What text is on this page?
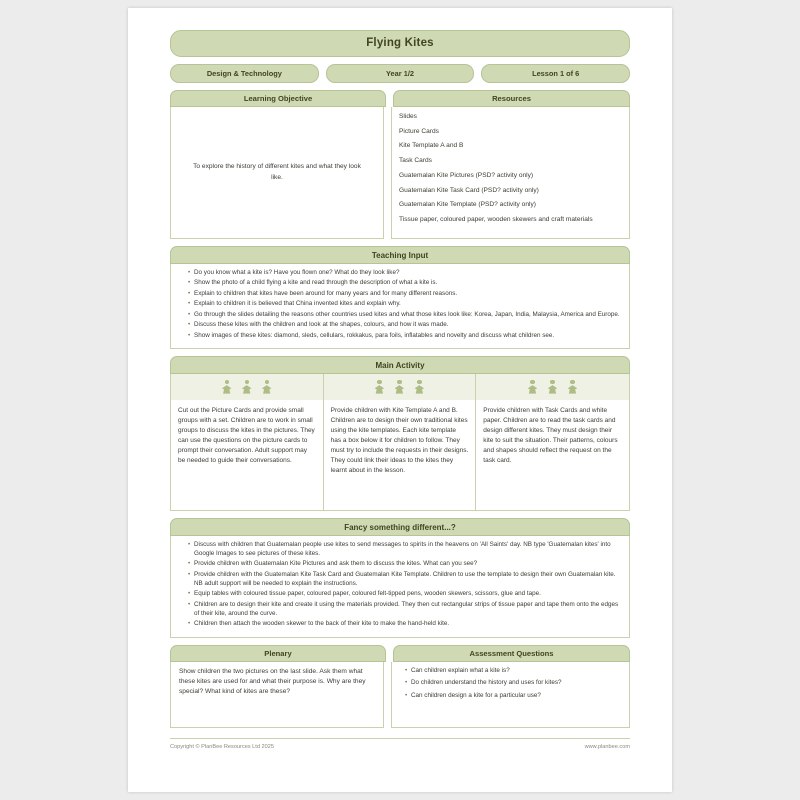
Flying Kites
Design & Technology	Year 1/2	Lesson 1 of 6
Learning Objective	Resources
To explore the history of different kites and what they look like.
Slides
Picture Cards
Kite Template A and B
Task Cards
Guatemalan Kite Pictures (PSD? activity only)
Guatemalan Kite Task Card (PSD? activity only)
Guatemalan Kite Template (PSD? activity only)
Tissue paper, coloured paper, wooden skewers and craft materials
Teaching Input
• Do you know what a kite is? Have you flown one? What do they look like?
• Show the photo of a child flying a kite and read through the description of what a kite is.
• Explain to children that kites have been around for many years and for many different reasons.
• Explain to children it is believed that China invented kites and explain why.
• Go through the slides detailing the reasons other countries used kites and what those kites look like: Korea, Japan, India, Malaysia, America and Europe.
• Discuss these kites with the children and look at the shapes, colours, and how it was made.
• Show images of these kites: diamond, sleds, cellulars, rokkakus, para foils, inflatables and novelty and discuss what children see.
Main Activity
Cut out the Picture Cards and provide small groups with a set. Children are to work in small groups to discuss the kites in the pictures. They can use the questions on the picture cards to prompt their conversation. Adult support may be needed to guide their conversations.
Provide children with Kite Template A and B. Children are to design their own traditional kites using the kite templates. Each kite template has a box below it for children to follow. They must try to include the requests in their designs. They could link their ideas to the kites they learnt about in the lesson.
Provide children with Task Cards and white paper. Children are to read the task cards and design different kites. They must design their kite to suit the situation. Their patterns, colours and shapes should reflect the request on the task card.
Fancy something different...?
• Discuss with children that Guatemalan people use kites to send messages to spirits in the heavens on 'All Saints' day. NB type 'Guatemalan kites' into Google Images to see pictures of these kites.
• Provide children with Guatemalan Kite Pictures and ask them to discuss the kites. What can you see?
• Provide children with the Guatemalan Kite Task Card and Guatemalan Kite Template. Children to use the template to design their own Guatemalan kite. NB adult support will be needed to explain the instructions.
• Equip tables with coloured tissue paper, coloured paper, coloured felt-tipped pens, wooden skewers, scissors, glue and tape.
• Children are to design their kite and create it using the materials provided. They then cut rectangular strips of tissue paper and tape them onto the edges of their kite, around the curve.
• Children then attach the wooden skewer to the back of their kite to make the hand-held kite.
Plenary	Assessment Questions
Show children the two pictures on the last slide. Ask them what these kites are used for and what their purpose is. Why are they special? What kind of kites are these?
• Can children explain what a kite is?
• Do children understand the history and uses for kites?
• Can children design a kite for a particular use?
Copyright © PlanBee Resources Ltd 2025	www.planbee.com
